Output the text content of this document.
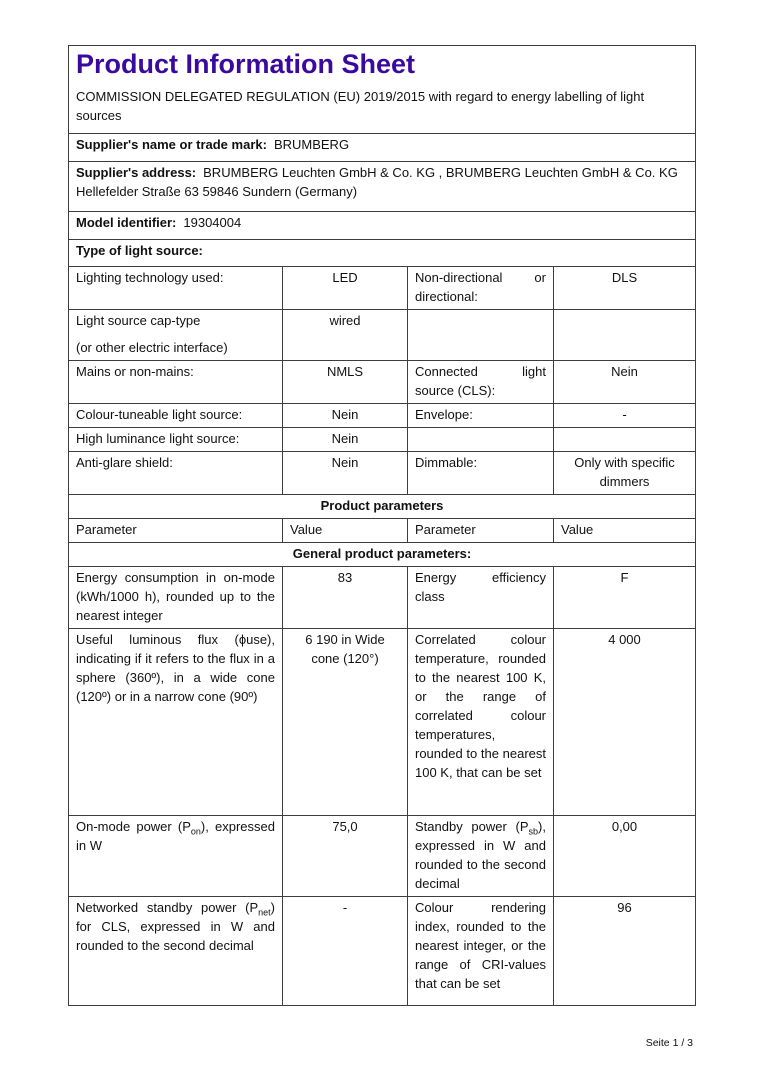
Product Information Sheet
COMMISSION DELEGATED REGULATION (EU) 2019/2015 with regard to energy labelling of light sources			

Supplier's name or trade mark: BRUMBERG			
Supplier's address: BRUMBERG Leuchten GmbH & Co. KG , BRUMBERG Leuchten GmbH & Co. KG Hellefelder Straße 63 59846 Sundern (Germany)			
Model identifier: 19304004			
Type of light source:			
Lighting technology used:	LED	Non-directional or directional:	DLS

Light source cap-type
(or other electric interface)	wired		
Mains or non-mains:	NMLS	Connected light source (CLS):	Nein
Colour-tuneable light source:	Nein	Envelope:	-
High luminance light source:	Nein		
Anti-glare shield:	Nein	Dimmable:	Only with specific dimmers
Product parameters			
Parameter	Value	Parameter	Value
General product parameters:			
Energy consumption in on-mode (kWh/1000 h), rounded up to the nearest integer	83	Energy efficiency class	F
Useful luminous flux (ϕuse), indicating if it refers to the flux in a sphere (360º), in a wide cone (120º) or in a narrow cone (90º)	6 190 in Wide cone (120°)	Correlated colour temperature, rounded to the nearest 100 K, or the range of correlated colour temperatures, rounded to the nearest 100 K, that can be set	4 000
On-mode power $(P_{on})$, expressed in W	75,0	Standby power $(P_{sb})$, expressed in W and rounded to the second decimal	0,00
Networked standby power $(P_{net})$ for CLS, expressed in W and rounded to the second decimal	-	Colour rendering index, rounded to the nearest integer, or the range of CRI-values that can be set	96
Seite 1 / 3
